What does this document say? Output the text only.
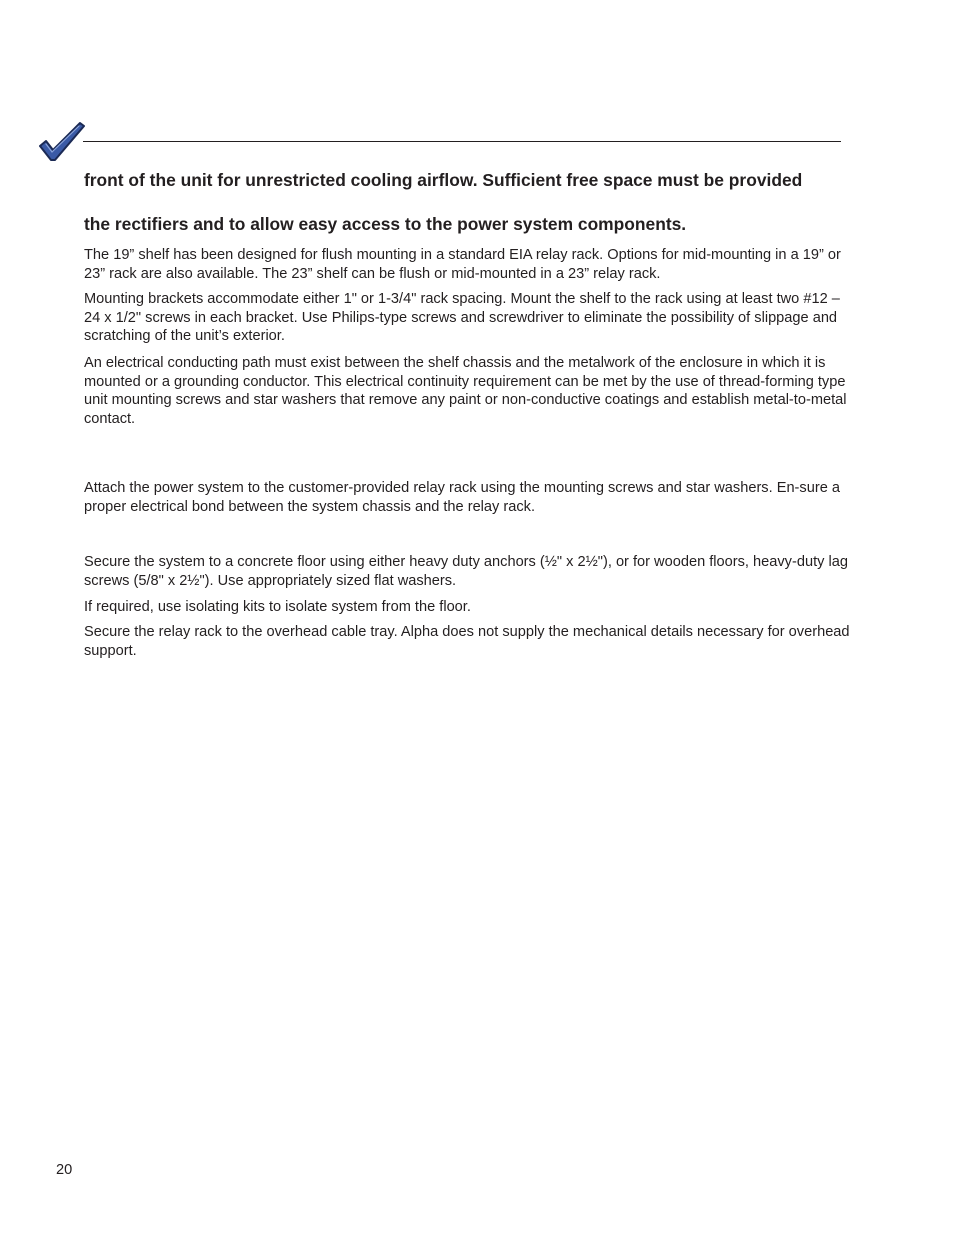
front of the unit for unrestricted cooling airflow. Sufficient free space must be provided

the rectifiers and to allow easy access to the power system components.

The 19” shelf has been designed for flush mounting in a standard EIA relay rack. Options for mid-mounting in a 19” or 23” rack are also available. The 23” shelf can be flush or mid-mounted in a 23” relay rack.

Mounting brackets accommodate either 1" or 1-3/4" rack spacing. Mount the shelf to the rack using at least two #12 – 24 x 1/2" screws in each bracket. Use Philips-type screws and screwdriver to eliminate the possibility of slippage and scratching of the unit’s exterior.

An electrical conducting path must exist between the shelf chassis and the metalwork of the enclosure in which it is mounted or a grounding conductor. This electrical continuity requirement can be met by the use of thread-forming type unit mounting screws and star washers that remove any paint or non-conductive coatings and establish metal-to-metal contact.

Attach the power system to the customer-provided relay rack using the mounting screws and star washers. En-sure a proper electrical bond between the system chassis and the relay rack.

Secure the system to a concrete floor using either heavy duty anchors (½" x 2½"), or for wooden floors, heavy-duty lag screws (5/8" x 2½"). Use appropriately sized flat washers.

If required, use isolating kits to isolate system from the floor.

Secure the relay rack to the overhead cable tray. Alpha does not supply the mechanical details necessary for overhead support.

20
